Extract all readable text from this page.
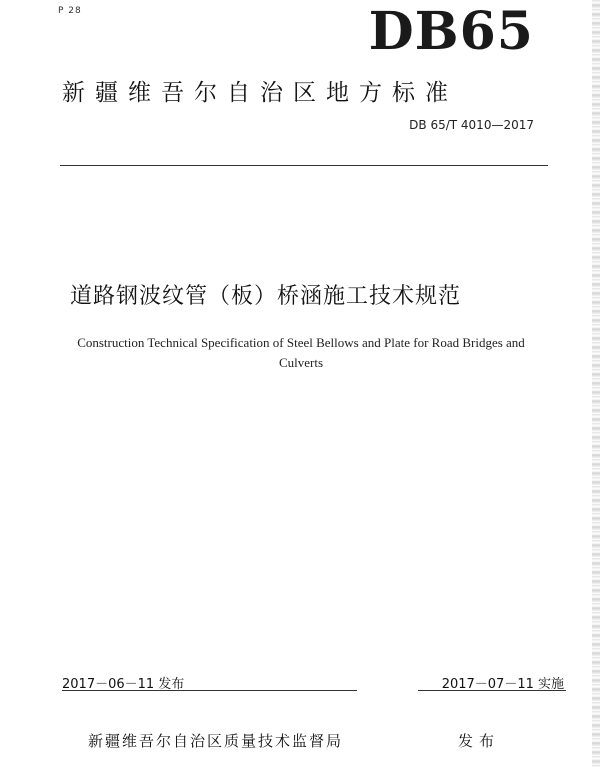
P 28	DB65
新疆维吾尔自治区地方标准
DB 65/T 4010—2017
道路钢波纹管（板）桥涵施工技术规范
Construction Technical Specification of Steel Bellows and Plate for Road Bridges and Culverts
2017－06－11 发布	2017－07－11 实施
新疆维吾尔自治区质量技术监督局	发布
